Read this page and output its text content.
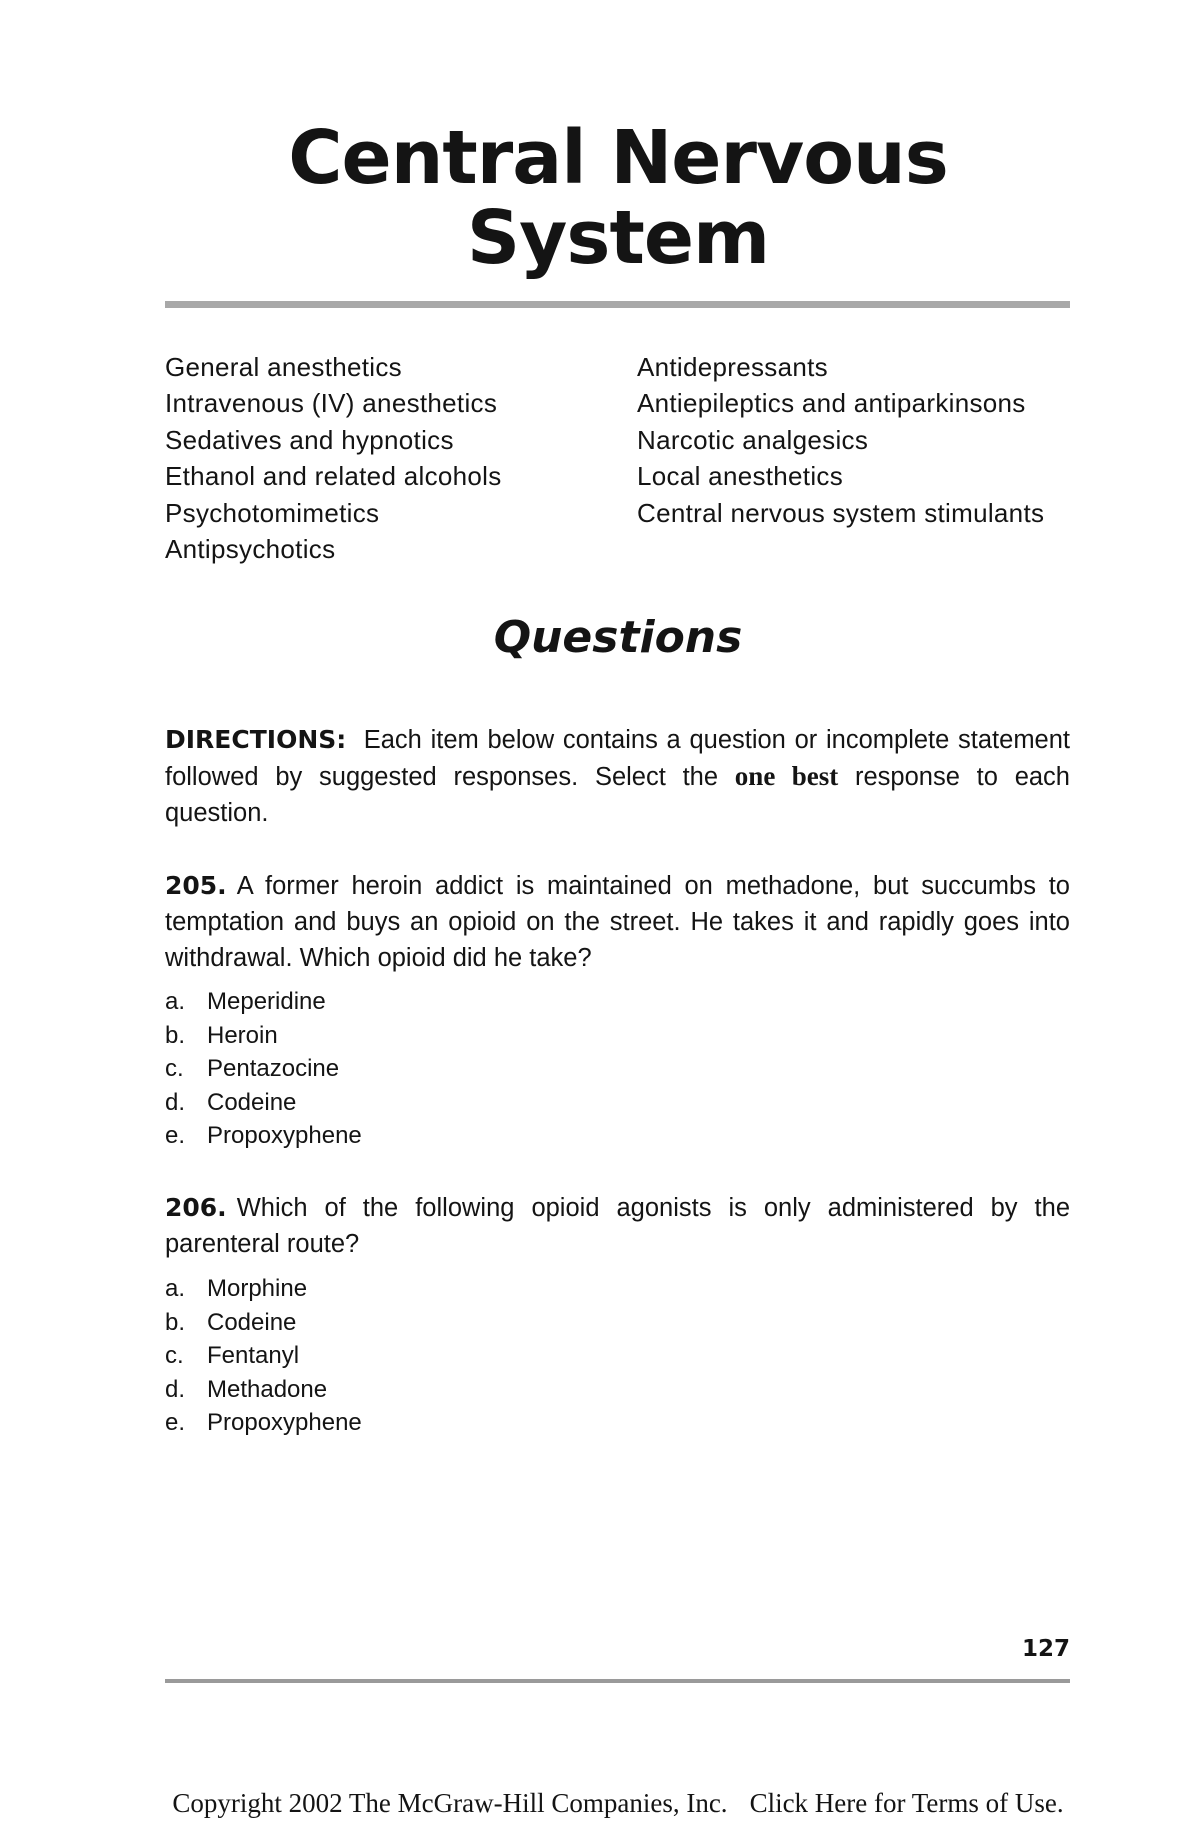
Central Nervous
System
General anesthetics
Intravenous (IV) anesthetics
Sedatives and hypnotics
Ethanol and related alcohols
Psychotomimetics
Antipsychotics
Antidepressants
Antiepileptics and antiparkinsons
Narcotic analgesics
Local anesthetics
Central nervous system stimulants
Questions

DIRECTIONS: Each item below contains a question or incomplete statement followed by suggested responses. Select the one best response to each question.

205. A former heroin addict is maintained on methadone, but succumbs to temptation and buys an opioid on the street. He takes it and rapidly goes into withdrawal. Which opioid did he take?

a. Meperidine
b. Heroin
c. Pentazocine
d. Codeine
e. Propoxyphene

206. Which of the following opioid agonists is only administered by the parenteral route?

a. Morphine
b. Codeine
c. Fentanyl
d. Methadone
e. Propoxyphene
127
Copyright 2002 The McGraw-Hill Companies, Inc. Click Here for Terms of Use.
